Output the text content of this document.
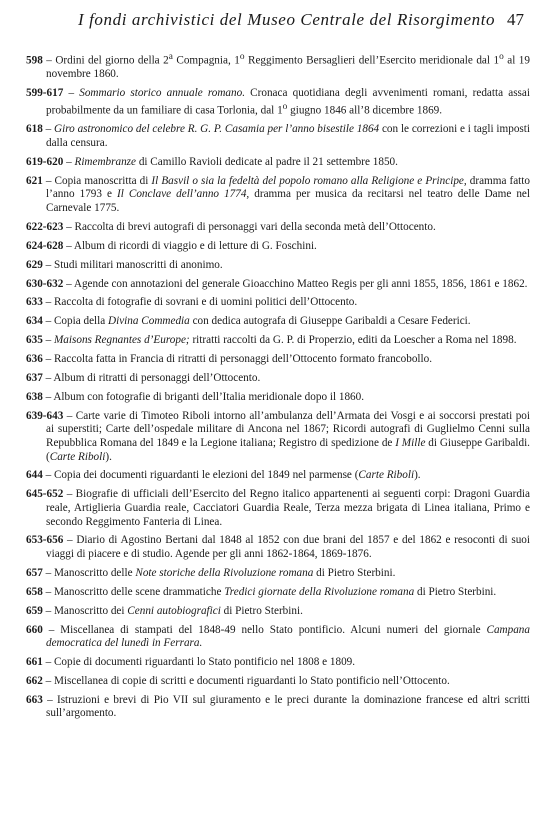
I fondi archivistici del Museo Centrale del Risorgimento 47
598 – Ordini del giorno della 2$^a$ Compagnia, 1$^o$ Reggimento Bersaglieri dell’Esercito meridionale dal 1$^o$ al 19 novembre 1860.
599-617 – Sommario storico annuale romano. Cronaca quotidiana degli avvenimenti romani, redatta assai probabilmente da un familiare di casa Torlonia, dal 1$^o$ giugno 1846 all’8 dicembre 1869.
618 – Giro astronomico del celebre R. G. P. Casamia per l’anno bisestile 1864 con le correzioni e i tagli imposti dalla censura.
619-620 – Rimembranze di Camillo Ravioli dedicate al padre il 21 settembre 1850.
621 – Copia manoscritta di Il Basvil o sia la fedeltà del popolo romano alla Religione e Principe, dramma fatto l’anno 1793 e Il Conclave dell’anno 1774, dramma per musica da recitarsi nel teatro delle Dame nel Carnevale 1775.
622-623 – Raccolta di brevi autografi di personaggi vari della seconda metà dell’Ottocento.
624-628 – Album di ricordi di viaggio e di letture di G. Foschini.
629 – Studi militari manoscritti di anonimo.
630-632 – Agende con annotazioni del generale Gioacchino Matteo Regis per gli anni 1855, 1856, 1861 e 1862.
633 – Raccolta di fotografie di sovrani e di uomini politici dell’Ottocento.
634 – Copia della Divina Commedia con dedica autografa di Giuseppe Garibaldi a Cesare Federici.
635 – Maisons Regnantes d’Europe; ritratti raccolti da G. P. di Properzio, editi da Loescher a Roma nel 1898.
636 – Raccolta fatta in Francia di ritratti di personaggi dell’Ottocento formato francobollo.
637 – Album di ritratti di personaggi dell’Ottocento.
638 – Album con fotografie di briganti dell’Italia meridionale dopo il 1860.
639-643 – Carte varie di Timoteo Riboli intorno all’ambulanza dell’Armata dei Vosgi e ai soccorsi prestati poi ai superstiti; Carte dell’ospedale militare di Ancona nel 1867; Ricordi autografi di Guglielmo Cenni sulla Repubblica Romana del 1849 e la Legione italiana; Registro di spedizione de I Mille di Giuseppe Garibaldi. (Carte Riboli).
644 – Copia dei documenti riguardanti le elezioni del 1849 nel parmense (Carte Riboli).
645-652 – Biografie di ufficiali dell’Esercito del Regno italico appartenenti ai seguenti corpi: Dragoni Guardia reale, Artiglieria Guardia reale, Cacciatori Guardia Reale, Terza mezza brigata di Linea italiana, Primo e secondo Reggimento Fanteria di Linea.
653-656 – Diario di Agostino Bertani dal 1848 al 1852 con due brani del 1857 e del 1862 e resoconti di suoi viaggi di piacere e di studio. Agende per gli anni 1862-1864, 1869-1876.
657 – Manoscritto delle Note storiche della Rivoluzione romana di Pietro Sterbini.
658 – Manoscritto delle scene drammatiche Tredici giornate della Rivoluzione romana di Pietro Sterbini.
659 – Manoscritto dei Cenni autobiografici di Pietro Sterbini.
660 – Miscellanea di stampati del 1848-49 nello Stato pontificio. Alcuni numeri del giornale Campana democratica del lunedì in Ferrara.
661 – Copie di documenti riguardanti lo Stato pontificio nel 1808 e 1809.
662 – Miscellanea di copie di scritti e documenti riguardanti lo Stato pontificio nell’Ottocento.
663 – Istruzioni e brevi di Pio VII sul giuramento e le preci durante la dominazione francese ed altri scritti sull’argomento.
